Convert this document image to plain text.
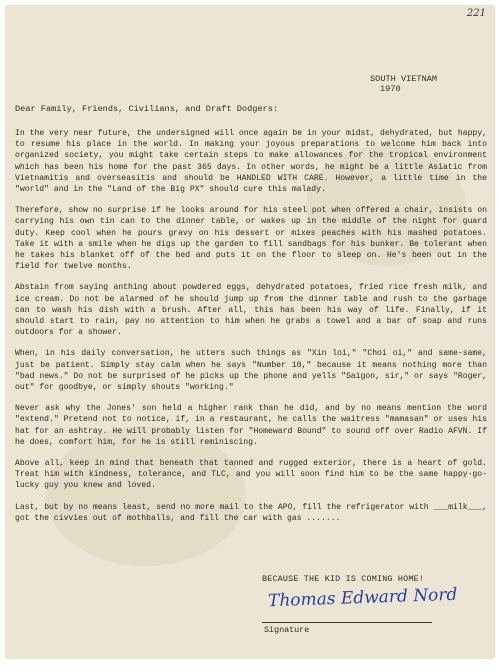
221
SOUTH VIETNAM
1970
Dear Family, Friends, Civilians, and Draft Dodgers:

In the very near future, the undersigned will once again be in your midst, dehydrated, but happy, to resume his place in the world. In making your joyous preparations to welcome him back into organized society, you might take certain steps to make allowances for the tropical environment which has been his home for the past 365 days. In other words, he might be a little Asiatic from Vietnamitis and overseasitis and should be HANDLED WITH CARE. However, a little time in the "world" and in the "Land of the Big PX" should cure this malady.

Therefore, show no surprise if he looks around for his steel pot when offered a chair, insists on carrying his own tin can to the dinner table, or wakes up in the middle of the night for guard duty. Keep cool when he pours gravy on his dessert or mixes peaches with his mashed potatoes. Take it with a smile when he digs up the garden to fill sandbags for his bunker. Be tolerant when he takes his blanket off of the bed and puts it on the floor to sleep on. He's been out in the field for twelve months.

Abstain from saying anthing about powdered eggs, dehydrated potatoes, fried rice fresh milk, and ice cream. Do not be alarmed of he should jump up from the dinner table and rush to the garbage can to wash his dish with a brush. After all, this has been his way of life. Finally, if it should start to rain, pay no attention to him when he grabs a towel and a bar of soap and runs outdoors for a shower.

When, in his daily conversation, he utters such things as "Xin loi," "Choi oi," and same-same, just be patient. Simply stay calm when he says "Number 10," because it means nothing more than "bad news." Do not be surprised of he picks up the phone and yells "Saigon, sir," or says "Roger, out" for goodbye, or simply shouts "working."

Never ask why the Jones' son held a higher rank than he did, and by no means mention the word "extend." Pretend not to notice, if, in a restaurant, he calls the waitress "mamasan" or uses his hat for an ashtray. He will probably listen for "Homeward Bound" to sound off over Radio AFVN. If he does, comfort him, for he is still reminiscing.

Above all, keep in mind that beneath that tanned and rugged exterior, there is a heart of gold. Treat him with kindness, tolerance, and TLC, and you will soon find him to be the same happy-go-lucky guy you knew and loved.

Last, but by no means least, send no more mail to the APO, fill the refrigerator with ___milk___, got the civvies out of mothballs, and fill the car with gas .......

BECAUSE THE KID IS COMING HOME!
Thomas Edward Nord
Signature
